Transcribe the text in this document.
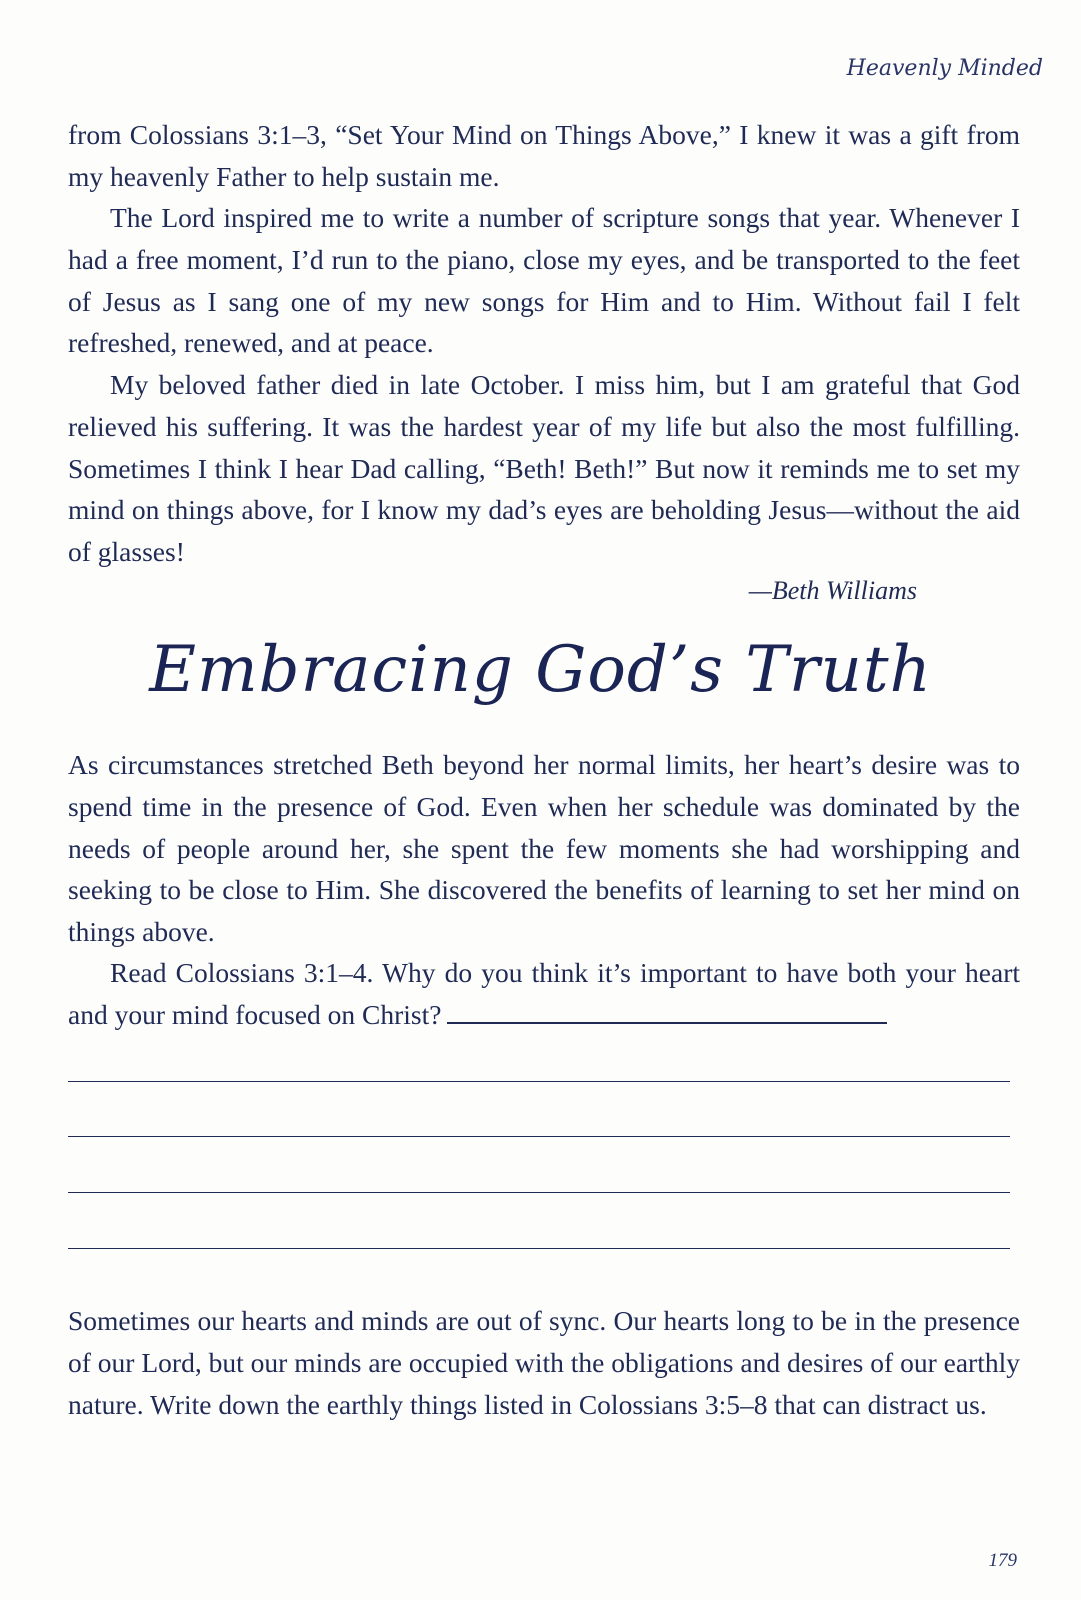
Heavenly Minded

from Colossians 3:1–3, “Set Your Mind on Things Above,” I knew it was a gift from my heavenly Father to help sustain me.

The Lord inspired me to write a number of scripture songs that year. Whenever I had a free moment, I’d run to the piano, close my eyes, and be transported to the feet of Jesus as I sang one of my new songs for Him and to Him. Without fail I felt refreshed, renewed, and at peace.

My beloved father died in late October. I miss him, but I am grateful that God relieved his suffering. It was the hardest year of my life but also the most fulfilling. Sometimes I think I hear Dad calling, “Beth! Beth!” But now it reminds me to set my mind on things above, for I know my dad’s eyes are beholding Jesus—without the aid of glasses!

—Beth Williams
Embracing God’s Truth

As circumstances stretched Beth beyond her normal limits, her heart’s desire was to spend time in the presence of God. Even when her schedule was dominated by the needs of people around her, she spent the few moments she had worshipping and seeking to be close to Him. She discovered the benefits of learning to set her mind on things above.

Read Colossians 3:1–4. Why do you think it’s important to have both your heart and your mind focused on Christ?

Sometimes our hearts and minds are out of sync. Our hearts long to be in the presence of our Lord, but our minds are occupied with the obligations and desires of our earthly nature. Write down the earthly things listed in Colossians 3:5–8 that can distract us.

179
